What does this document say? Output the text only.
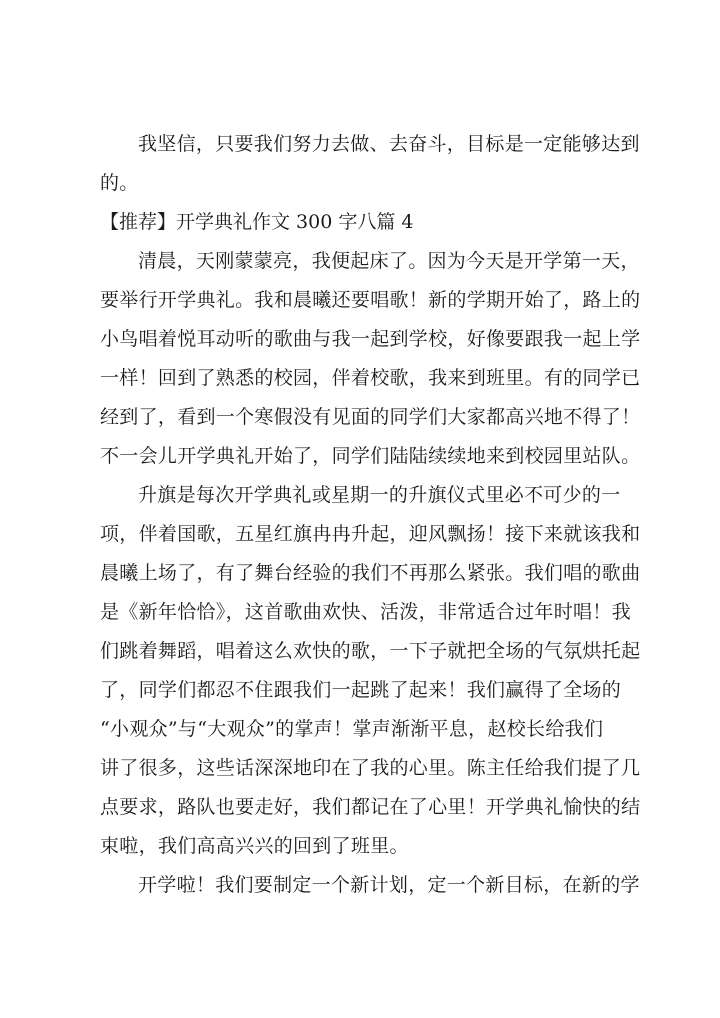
我坚信，只要我们努力去做、去奋斗，目标是一定能够达到
的。
【推荐】开学典礼作文 300 字八篇 4
清晨，天刚蒙蒙亮，我便起床了。因为今天是开学第一天，
要举行开学典礼。我和晨曦还要唱歌！新的学期开始了，路上的
小鸟唱着悦耳动听的歌曲与我一起到学校，好像要跟我一起上学
一样！回到了熟悉的校园，伴着校歌，我来到班里。有的同学已
经到了，看到一个寒假没有见面的同学们大家都高兴地不得了！
不一会儿开学典礼开始了，同学们陆陆续续地来到校园里站队。
升旗是每次开学典礼或星期一的升旗仪式里必不可少的一
项，伴着国歌，五星红旗冉冉升起，迎风飘扬！接下来就该我和
晨曦上场了，有了舞台经验的我们不再那么紧张。我们唱的歌曲
是《新年恰恰》，这首歌曲欢快、活泼，非常适合过年时唱！我
们跳着舞蹈，唱着这么欢快的歌，一下子就把全场的气氛烘托起
了，同学们都忍不住跟我们一起跳了起来！我们赢得了全场的
“小观众”与“大观众”的掌声！掌声渐渐平息，赵校长给我们
讲了很多，这些话深深地印在了我的心里。陈主任给我们提了几
点要求，路队也要走好，我们都记在了心里！开学典礼愉快的结
束啦，我们高高兴兴的回到了班里。
开学啦！我们要制定一个新计划，定一个新目标，在新的学
